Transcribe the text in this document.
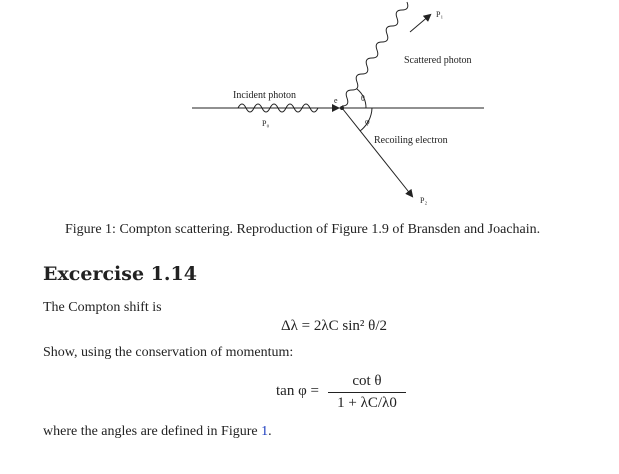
P₁
Scattered photon
Incident photon
P₀
e	θ
φ
Recoiling electron
P₂
Figure 1: Compton scattering. Reproduction of Figure 1.9 of Bransden and Joachain.
Excercise 1.14
The Compton shift is
Δλ = 2λC sin² θ/2
Show, using the conservation of momentum:
tan φ =
cot θ
1 + λC/λ0
where the angles are defined in Figure 1.
